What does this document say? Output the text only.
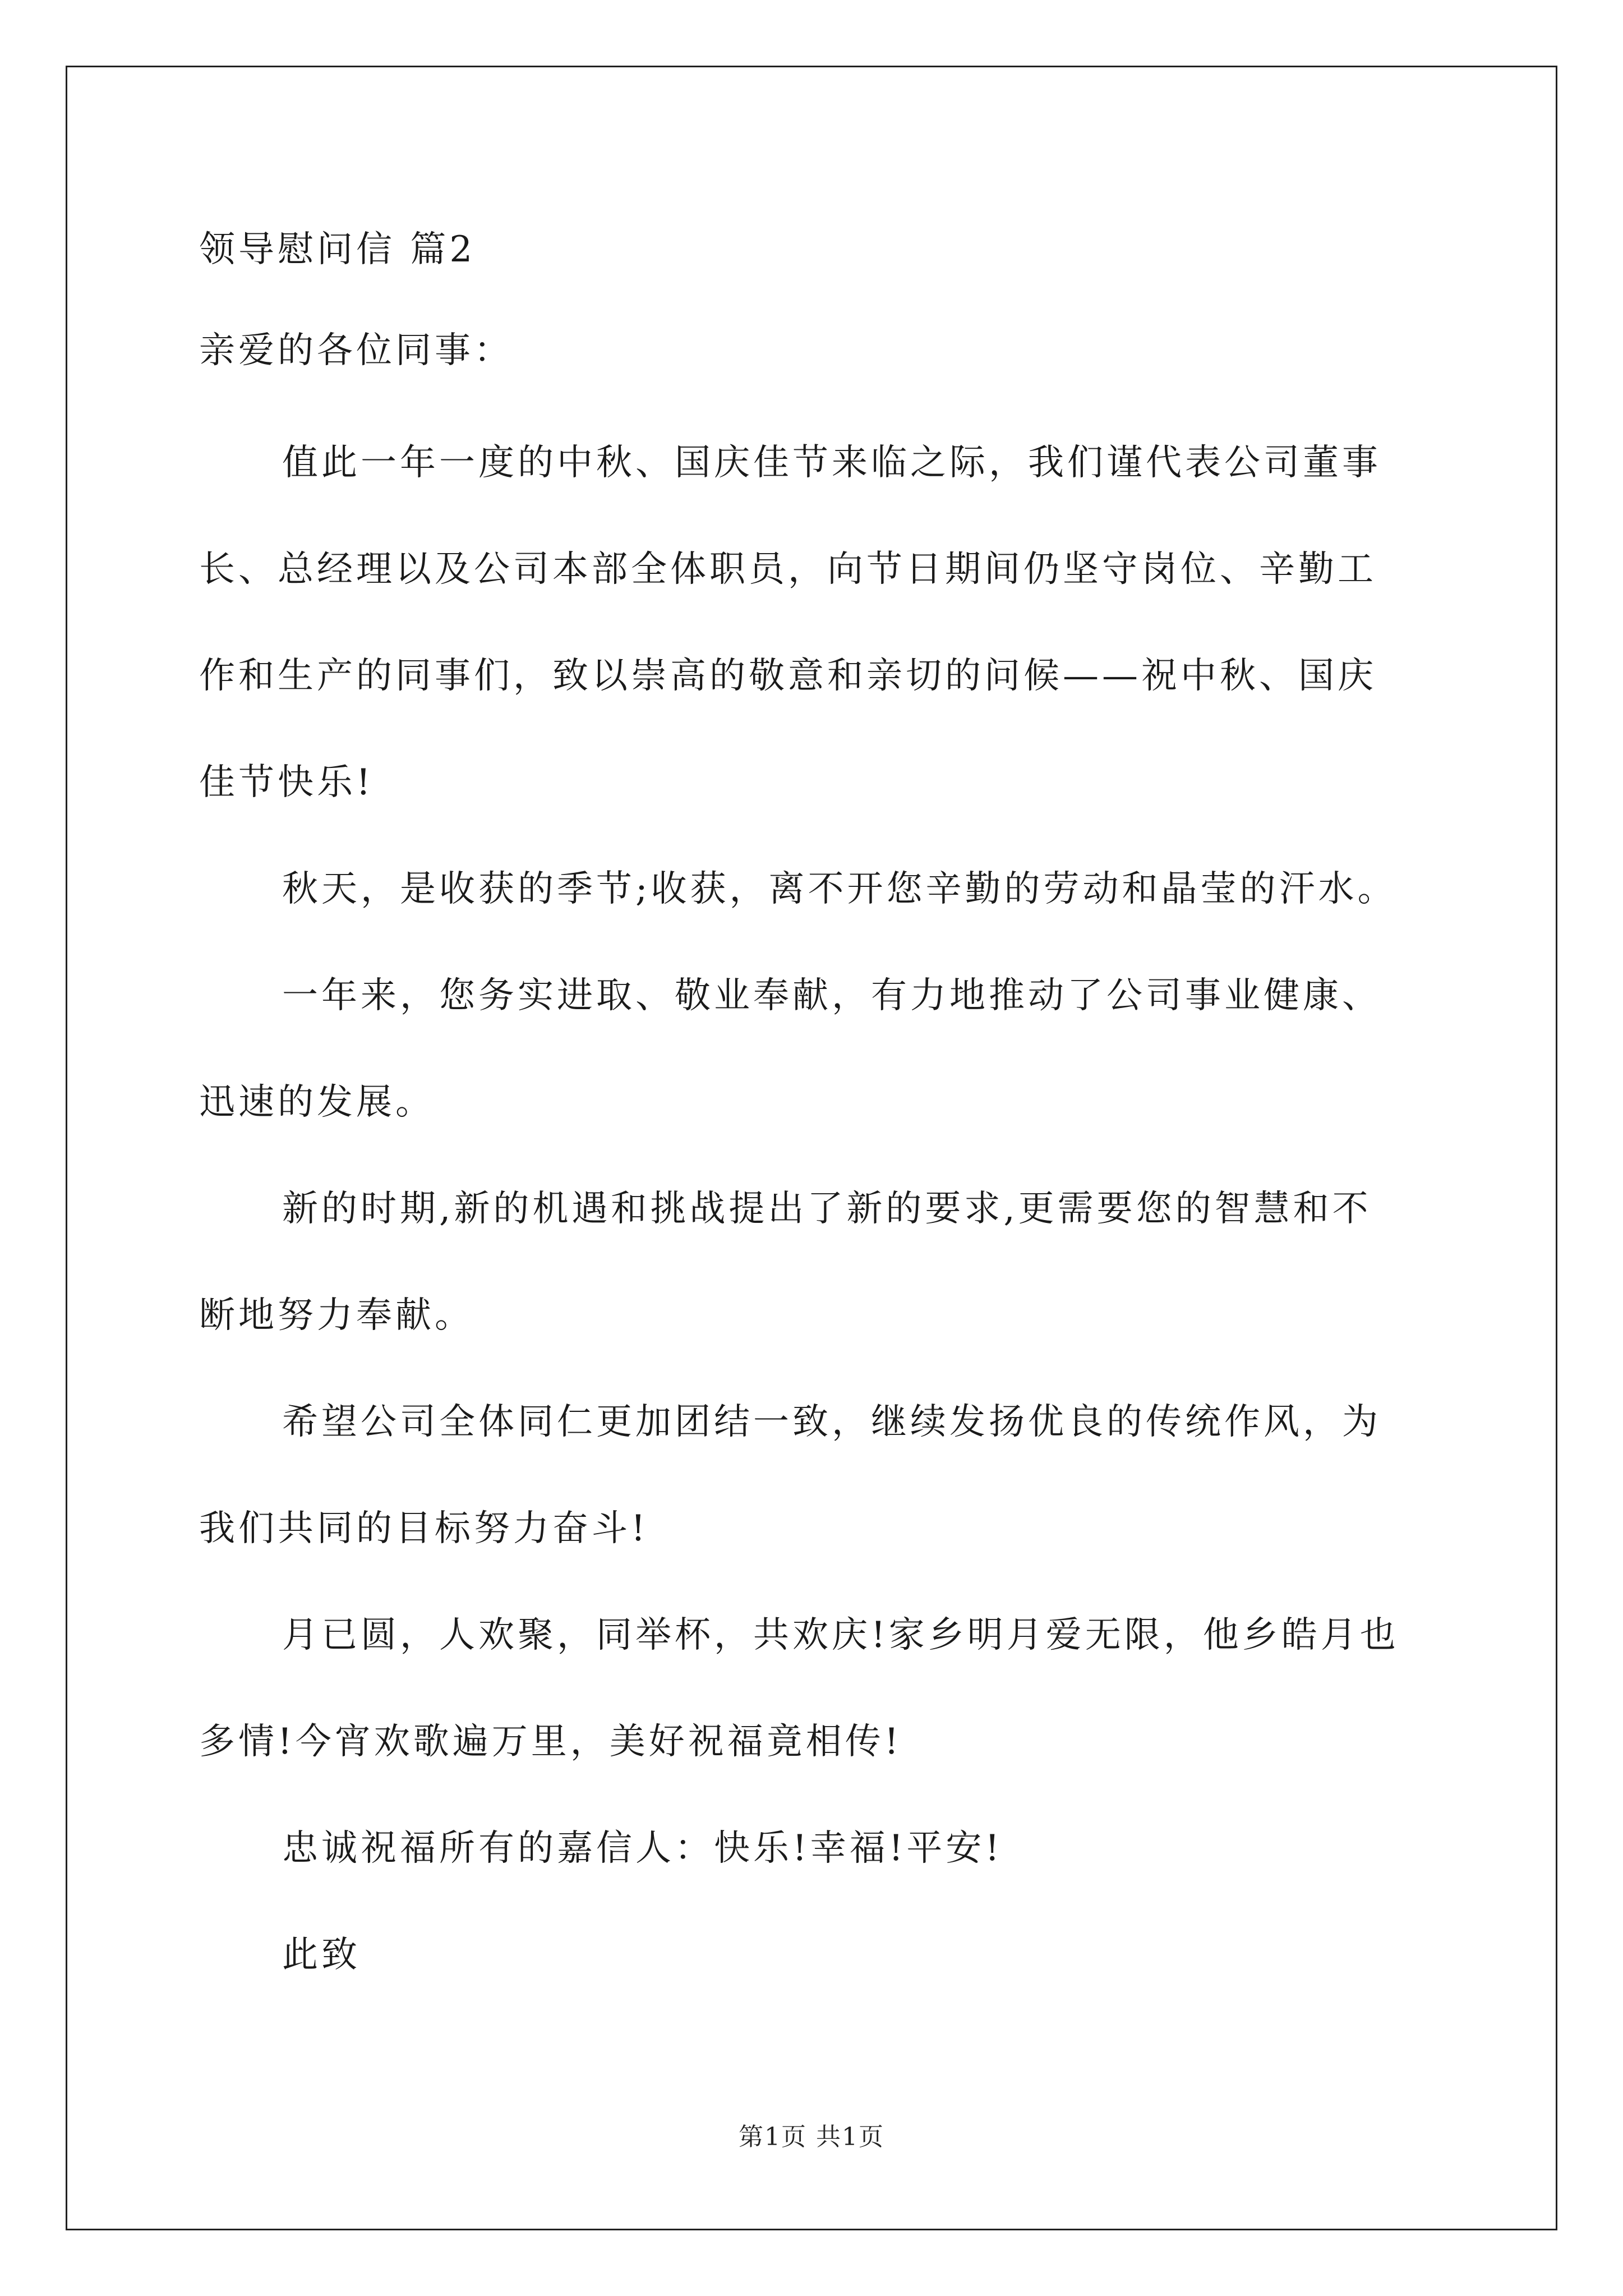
领导慰问信 篇2
亲爱的各位同事：
值此一年一度的中秋、国庆佳节来临之际，我们谨代表公司董事
长、总经理以及公司本部全体职员，向节日期间仍坚守岗位、辛勤工
作和生产的同事们，致以崇高的敬意和亲切的问候——祝中秋、国庆
佳节快乐!
秋天，是收获的季节;收获，离不开您辛勤的劳动和晶莹的汗水。
一年来，您务实进取、敬业奉献，有力地推动了公司事业健康、
迅速的发展。
新的时期,新的机遇和挑战提出了新的要求,更需要您的智慧和不
断地努力奉献。
希望公司全体同仁更加团结一致，继续发扬优良的传统作风，为
我们共同的目标努力奋斗!
月已圆，人欢聚，同举杯，共欢庆!家乡明月爱无限，他乡皓月也
多情!今宵欢歌遍万里，美好祝福竟相传!
忠诚祝福所有的嘉信人：快乐!幸福!平安!
此致
第1页 共1页
